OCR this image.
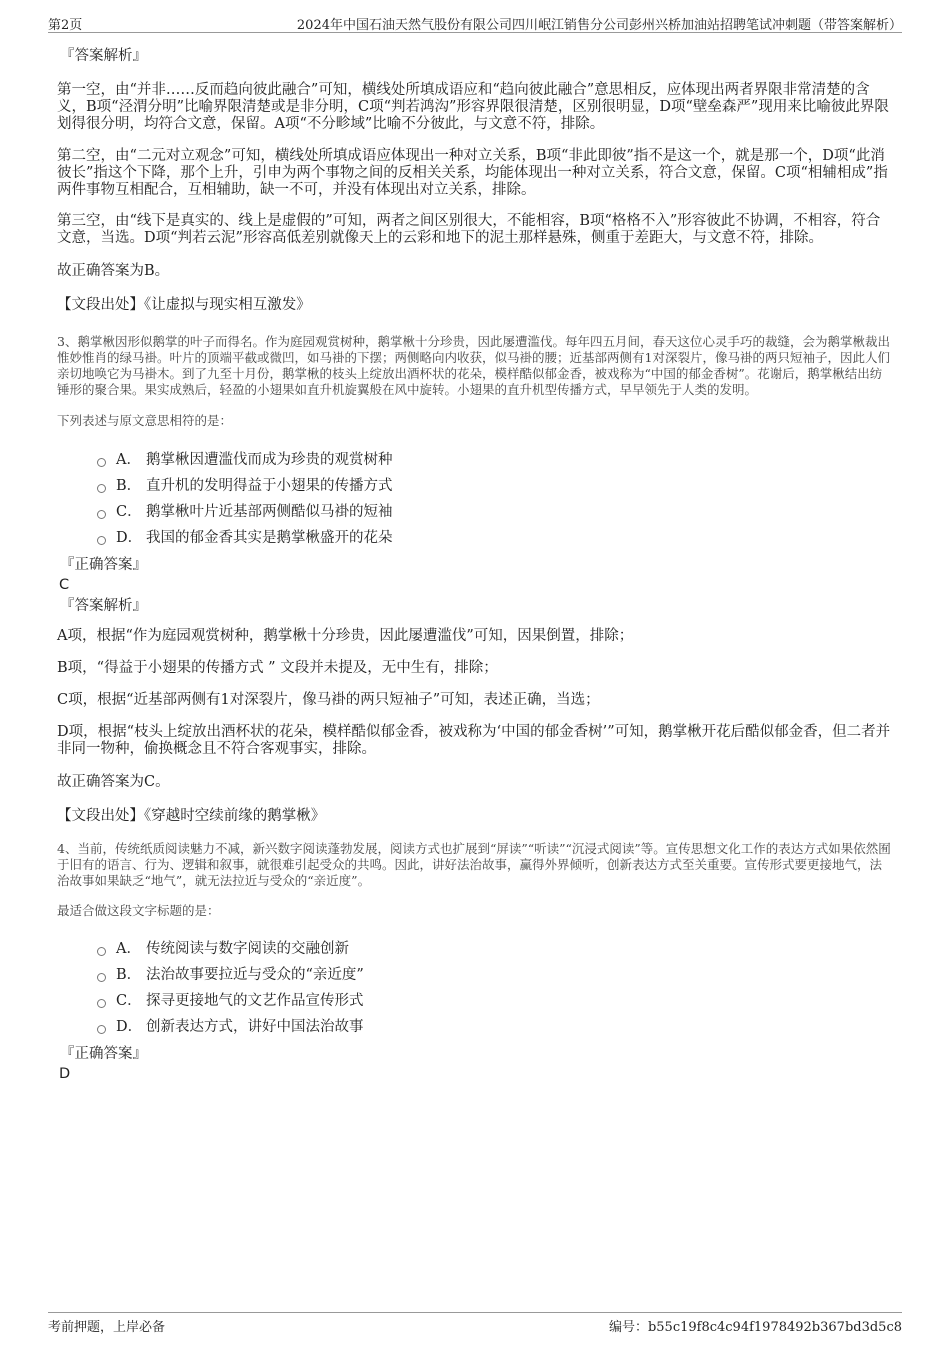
第2页	2024年中国石油天然气股份有限公司四川岷江销售分公司彭州兴桥加油站招聘笔试冲刺题（带答案解析）

『答案解析』

第一空，由“并非……反而趋向彼此融合”可知，横线处所填成语应和“趋向彼此融合”意思相反，应体现出两者界限非常清楚的含义，B项“泾渭分明”比喻界限清楚或是非分明，C项“判若鸿沟”形容界限很清楚，区别很明显，D项“壁垒森严”现用来比喻彼此界限划得很分明，均符合文意，保留。A项“不分畛域”比喻不分彼此，与文意不符，排除。

第二空，由“二元对立观念”可知，横线处所填成语应体现出一种对立关系，B项“非此即彼”指不是这一个，就是那一个，D项“此消彼长”指这个下降，那个上升，引申为两个事物之间的反相关关系，均能体现出一种对立关系，符合文意，保留。C项“相辅相成”指两件事物互相配合，互相辅助，缺一不可，并没有体现出对立关系，排除。

第三空，由“线下是真实的、线上是虚假的”可知，两者之间区别很大，不能相容，B项“格格不入”形容彼此不协调，不相容，符合文意，当选。D项“判若云泥”形容高低差别就像天上的云彩和地下的泥土那样悬殊，侧重于差距大，与文意不符，排除。

故正确答案为B。

【文段出处】《让虚拟与现实相互激发》

3、鹅掌楸因形似鹅掌的叶子而得名。作为庭园观赏树种，鹅掌楸十分珍贵，因此屡遭滥伐。每年四五月间，春天这位心灵手巧的裁缝，会为鹅掌楸裁出惟妙惟肖的绿马褂。叶片的顶端平截或微凹，如马褂的下摆；两侧略向内收获，似马褂的腰；近基部两侧有1对深裂片，像马褂的两只短袖子，因此人们亲切地唤它为马褂木。到了九至十月份，鹅掌楸的枝头上绽放出酒杯状的花朵，模样酷似郁金香，被戏称为“中国的郁金香树”。花谢后，鹅掌楸结出纺锤形的聚合果。果实成熟后，轻盈的小翅果如直升机旋翼般在风中旋转。小翅果的直升机型传播方式，早早领先于人类的发明。

下列表述与原文意思相符的是：

A． 鹅掌楸因遭滥伐而成为珍贵的观赏树种
B． 直升机的发明得益于小翅果的传播方式
C． 鹅掌楸叶片近基部两侧酷似马褂的短袖
D． 我国的郁金香其实是鹅掌楸盛开的花朵

『正确答案』

C

『答案解析』

A项，根据“作为庭园观赏树种，鹅掌楸十分珍贵，因此屡遭滥伐”可知，因果倒置，排除；

B项，“得益于小翅果的传播方式 ” 文段并未提及，无中生有，排除；

C项，根据“近基部两侧有1对深裂片，像马褂的两只短袖子”可知，表述正确，当选；

D项，根据“枝头上绽放出酒杯状的花朵，模样酷似郁金香，被戏称为‘中国的郁金香树’”可知，鹅掌楸开花后酷似郁金香，但二者并非同一物种，偷换概念且不符合客观事实，排除。

故正确答案为C。

【文段出处】《穿越时空续前缘的鹅掌楸》

4、当前，传统纸质阅读魅力不减，新兴数字阅读蓬勃发展，阅读方式也扩展到“屏读”“听读”“沉浸式阅读”等。宣传思想文化工作的表达方式如果依然囿于旧有的语言、行为、逻辑和叙事，就很难引起受众的共鸣。因此，讲好法治故事，赢得外界倾听，创新表达方式至关重要。宣传形式要更接地气，法治故事如果缺乏“地气”，就无法拉近与受众的“亲近度”。

最适合做这段文字标题的是：

A． 传统阅读与数字阅读的交融创新
B． 法治故事要拉近与受众的“亲近度”
C． 探寻更接地气的文艺作品宣传形式
D． 创新表达方式，讲好中国法治故事

『正确答案』

D

考前押题，上岸必备	编号：b55c19f8c4c94f1978492b367bd3d5c8
